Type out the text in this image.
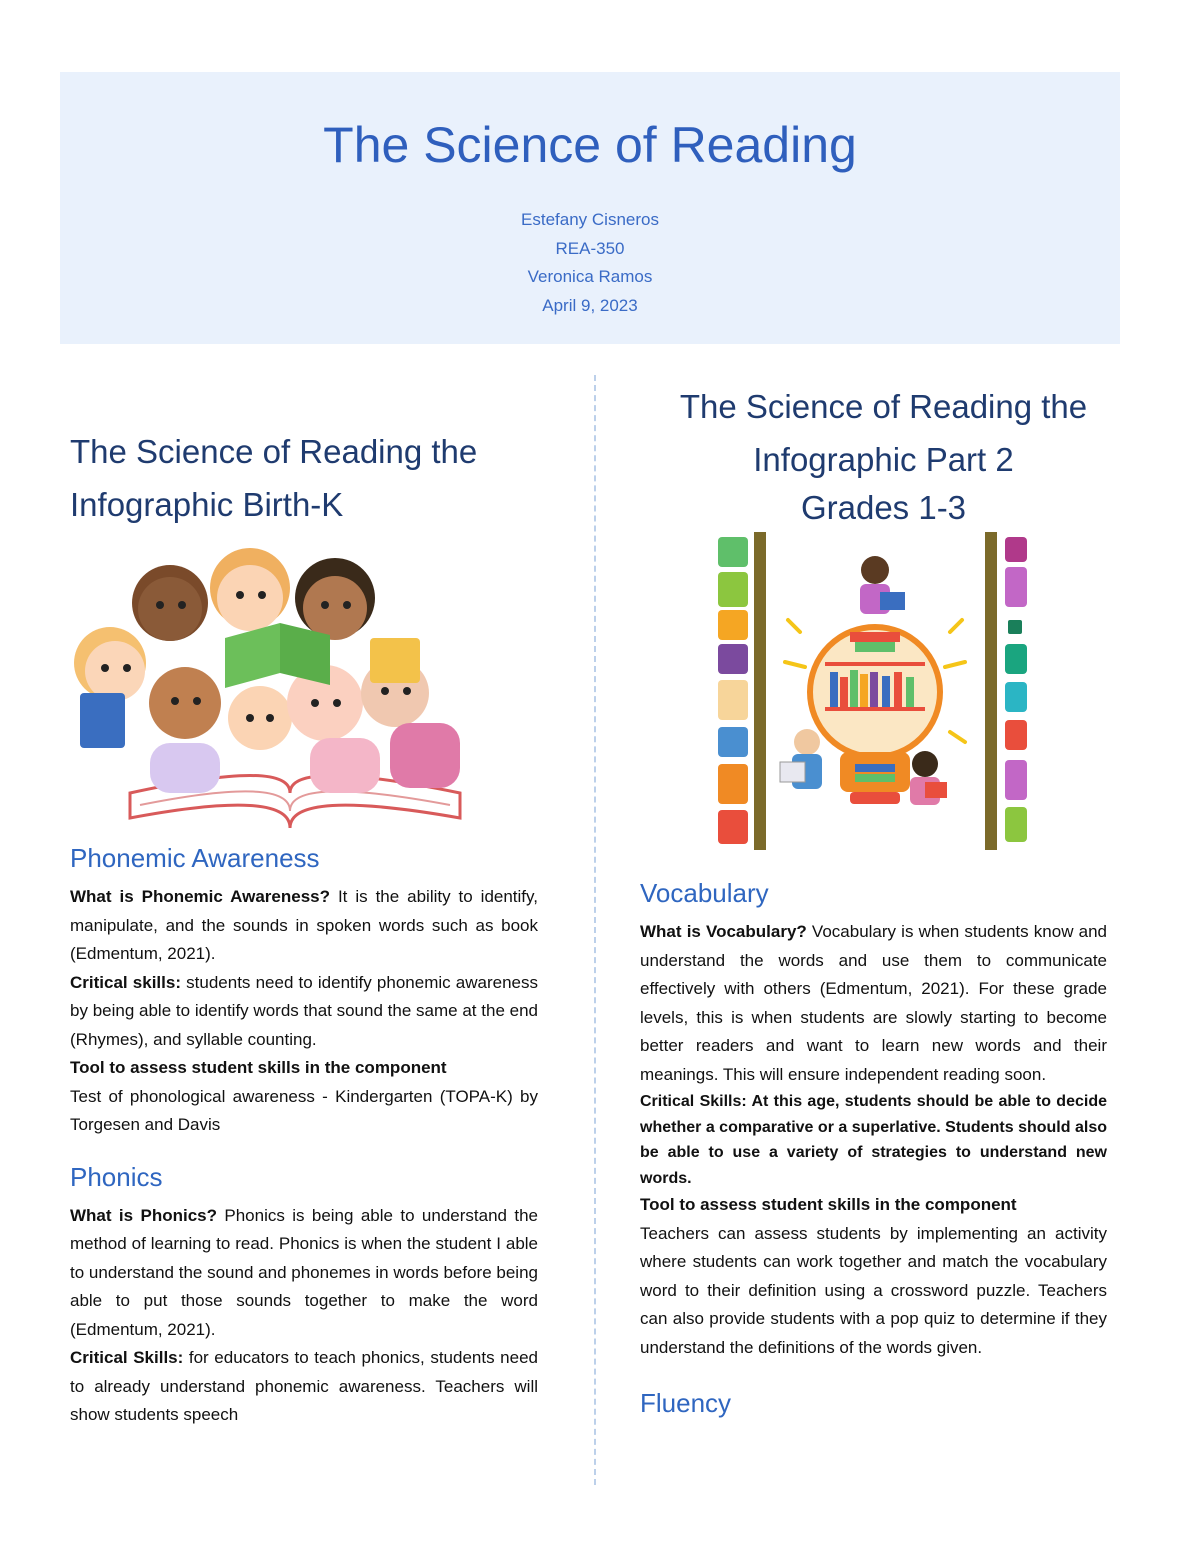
The Science of Reading
Estefany Cisneros
REA-350
Veronica Ramos
April 9, 2023
The Science of Reading the
Infographic Birth-K
Phonemic Awareness

What is Phonemic Awareness? It is the ability to identify, manipulate, and the sounds in spoken words such as book (Edmentum, 2021).

Critical skills: students need to identify phonemic awareness by being able to identify words that sound the same at the end (Rhymes), and syllable counting.

Tool to assess student skills in the component
Test of phonological awareness - Kindergarten (TOPA-K) by Torgesen and Davis

Phonics

What is Phonics? Phonics is being able to understand the method of learning to read. Phonics is when the student I able to understand the sound and phonemes in words before being able to put those sounds together to make the word (Edmentum, 2021).

Critical Skills: for educators to teach phonics, students need to already understand phonemic awareness. Teachers will show students speech

The Science of Reading the
Infographic Part 2
Grades 1-3
Vocabulary

What is Vocabulary? Vocabulary is when students know and understand the words and use them to communicate effectively with others (Edmentum, 2021). For these grade levels, this is when students are slowly starting to become better readers and want to learn new words and their meanings. This will ensure independent reading soon.

Critical Skills: At this age, students should be able to decide whether a comparative or a superlative. Students should also be able to use a variety of strategies to understand new words.

Tool to assess student skills in the component
Teachers can assess students by implementing an activity where students can work together and match the vocabulary word to their definition using a crossword puzzle. Teachers can also provide students with a pop quiz to determine if they understand the definitions of the words given.

Fluency
